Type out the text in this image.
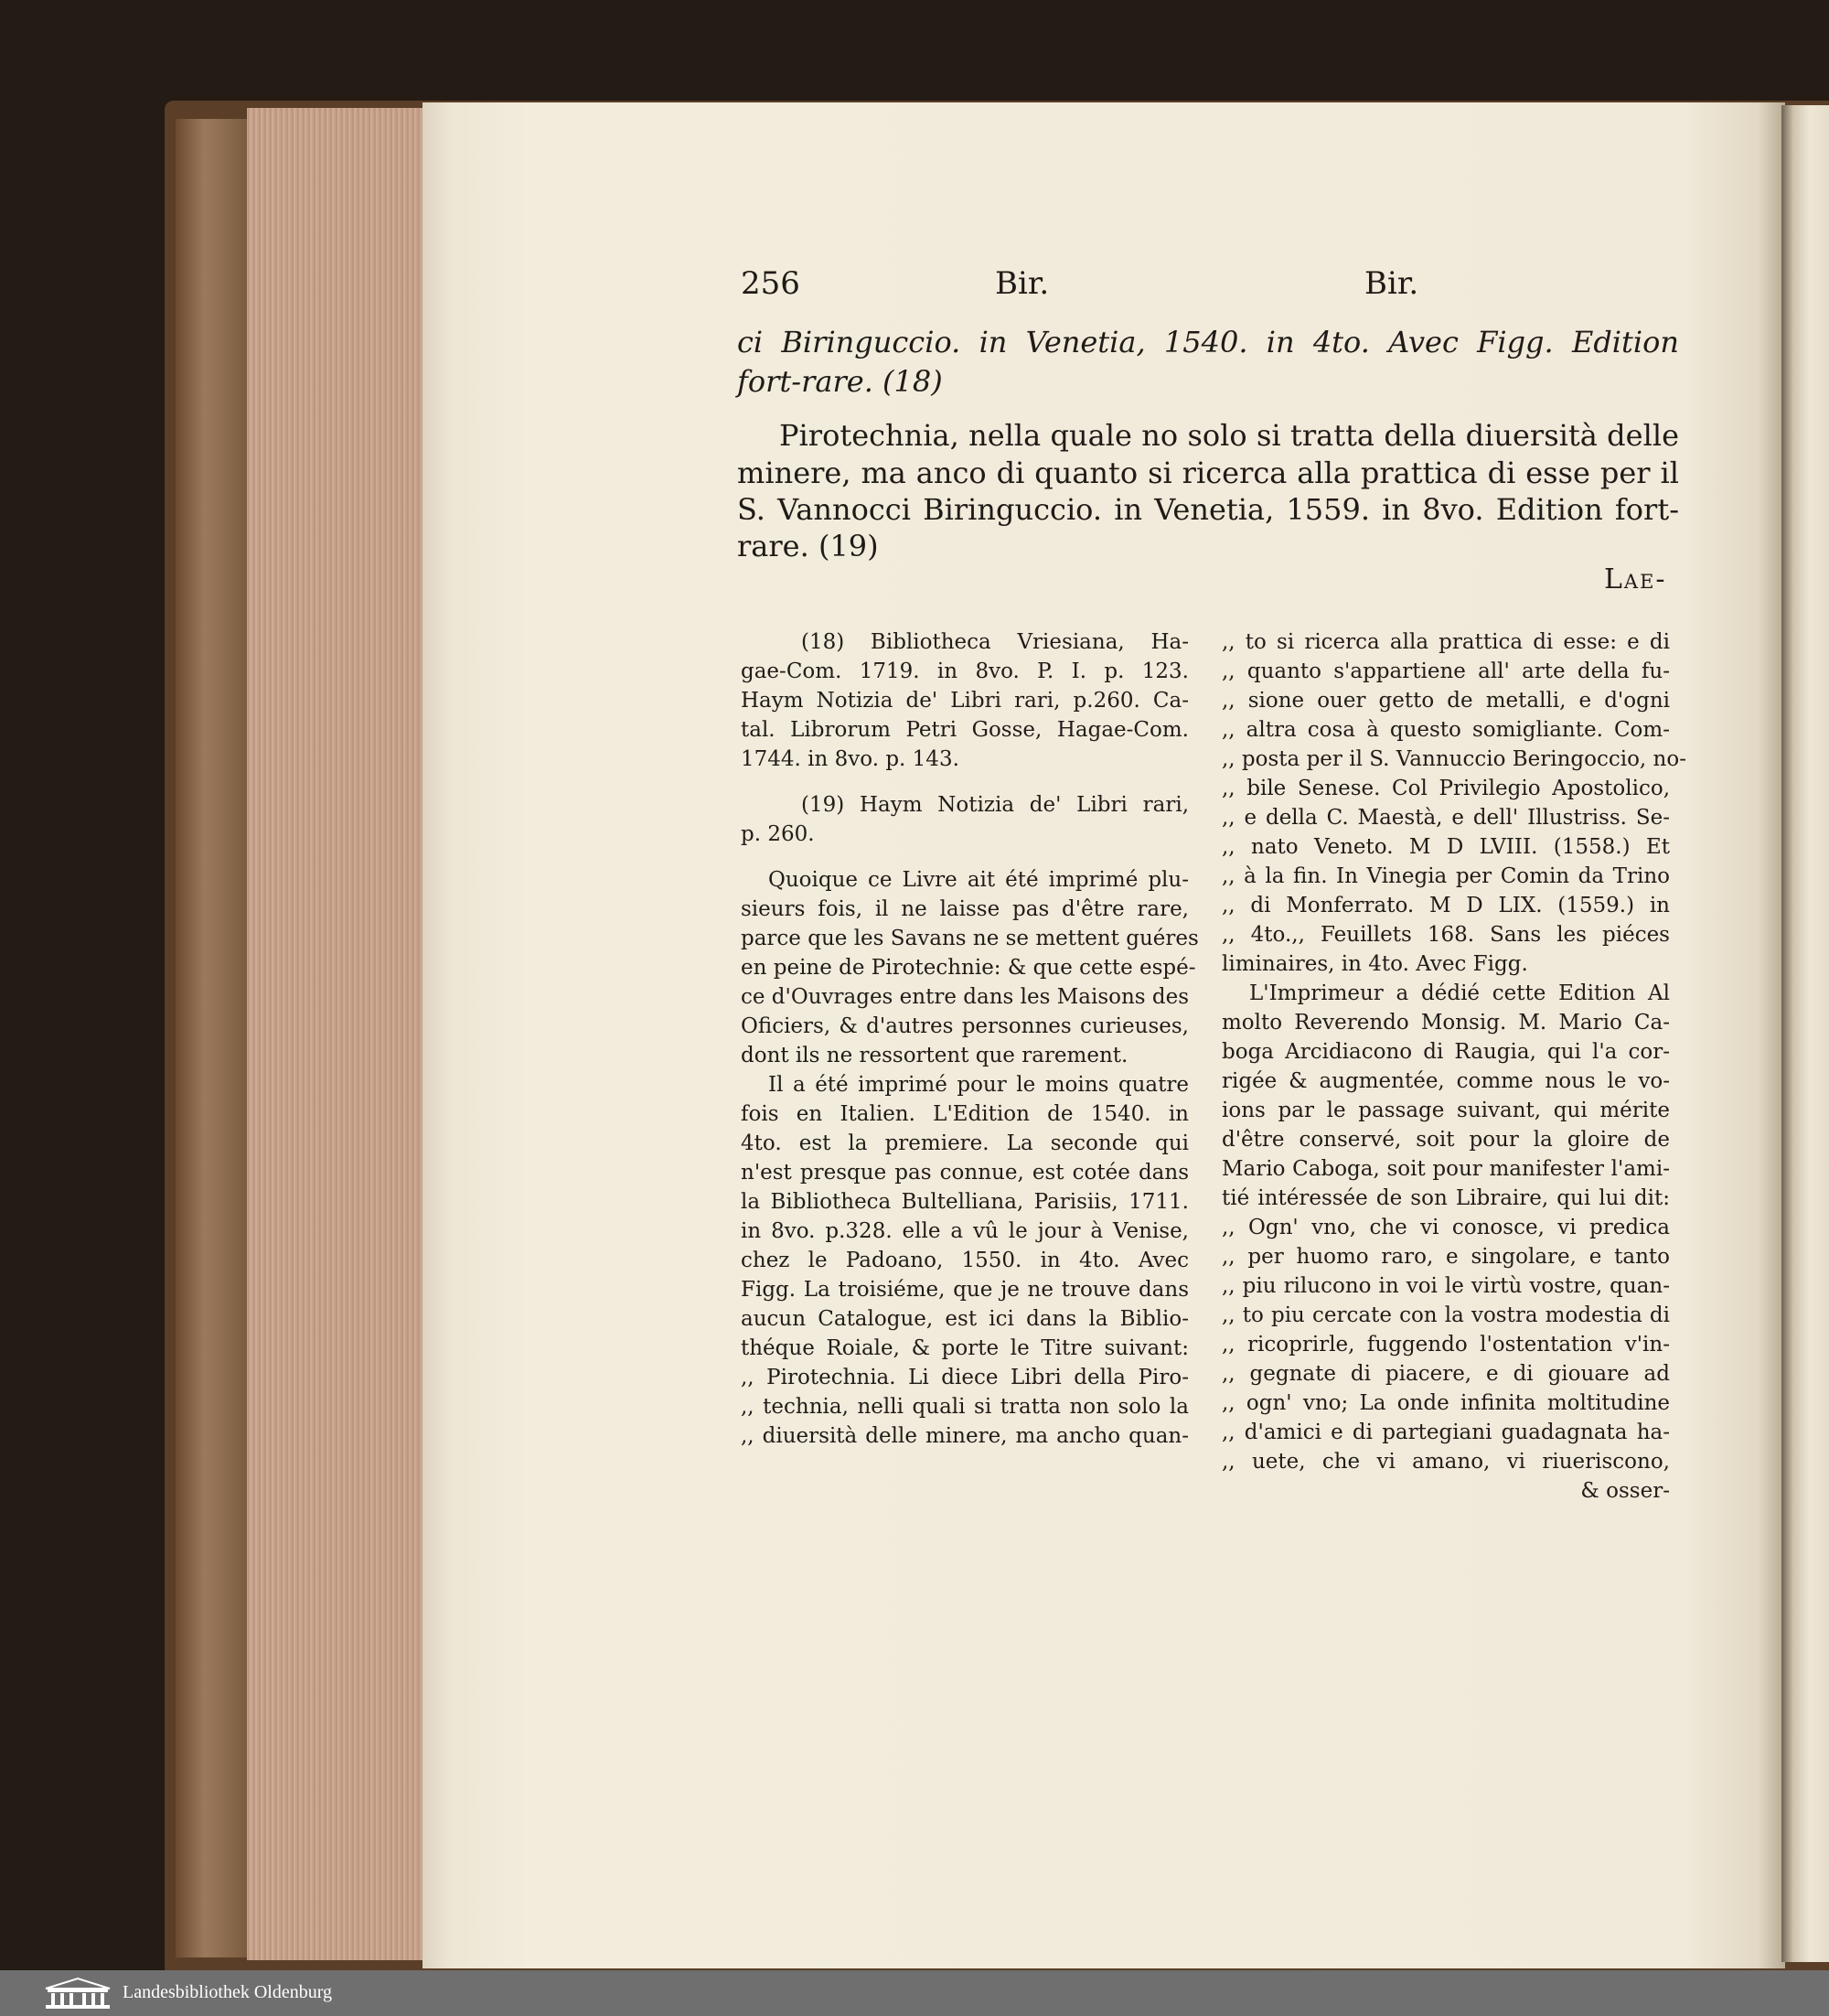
256	Bir.	Bir.
ci Biringuccio. in Venetia, 1540. in 4to. Avec Figg. Edition
fort-rare. (18)
Pirotechnia, nella quale no solo si tratta della diuersità delle
minere, ma anco di quanto si ricerca alla prattica di esse per il
S. Vannocci Biringuccio. in Venetia, 1559. in 8vo. Edition fort-
rare. (19)
Lae-
(18) Bibliotheca Vriesiana, Ha-
gae-Com. 1719. in 8vo. P. I. p. 123.
Haym Notizia de' Libri rari, p.260. Ca-
tal. Librorum Petri Gosse, Hagae-Com.
1744. in 8vo. p. 143.
(19) Haym Notizia de' Libri rari,
p. 260.
Quoique ce Livre ait été imprimé plu-
sieurs fois, il ne laisse pas d'être rare,
parce que les Savans ne se mettent guéres
en peine de Pirotechnie: & que cette espé-
ce d'Ouvrages entre dans les Maisons des
Oficiers, & d'autres personnes curieuses,
dont ils ne ressortent que rarement.
Il a été imprimé pour le moins quatre
fois en Italien. L'Edition de 1540. in
4to. est la premiere. La seconde qui
n'est presque pas connue, est cotée dans
la Bibliotheca Bultelliana, Parisiis, 1711.
in 8vo. p.328. elle a vû le jour à Venise,
chez le Padoano, 1550. in 4to. Avec
Figg. La troisiéme, que je ne trouve dans
aucun Catalogue, est ici dans la Biblio-
théque Roiale, & porte le Titre suivant:
,, Pirotechnia. Li diece Libri della Piro-
,, technia, nelli quali si tratta non solo la
,, diuersità delle minere, ma ancho quan-
,, to si ricerca alla prattica di esse: e di
,, quanto s'appartiene all' arte della fu-
,, sione ouer getto de metalli, e d'ogni
,, altra cosa à questo somigliante. Com-
,, posta per il S. Vannuccio Beringoccio, no-
,, bile Senese. Col Privilegio Apostolico,
,, e della C. Maestà, e dell' Illustriss. Se-
,, nato Veneto. M D LVIII. (1558.) Et
,, à la fin. In Vinegia per Comin da Trino
,, di Monferrato. M D LIX. (1559.) in
,, 4to.,, Feuillets 168. Sans les piéces
liminaires, in 4to. Avec Figg.
L'Imprimeur a dédié cette Edition Al
molto Reverendo Monsig. M. Mario Ca-
boga Arcidiacono di Raugia, qui l'a cor-
rigée & augmentée, comme nous le vo-
ions par le passage suivant, qui mérite
d'être conservé, soit pour la gloire de
Mario Caboga, soit pour manifester l'ami-
tié intéressée de son Libraire, qui lui dit:
,, Ogn' vno, che vi conosce, vi predica
,, per huomo raro, e singolare, e tanto
,, piu rilucono in voi le virtù vostre, quan-
,, to piu cercate con la vostra modestia di
,, ricoprirle, fuggendo l'ostentation v'in-
,, gegnate di piacere, e di giouare ad
,, ogn' vno; La onde infinita moltitudine
,, d'amici e di partegiani guadagnata ha-
,, uete, che vi amano, vi riueriscono,
& osser-
Landesbibliothek Oldenburg
